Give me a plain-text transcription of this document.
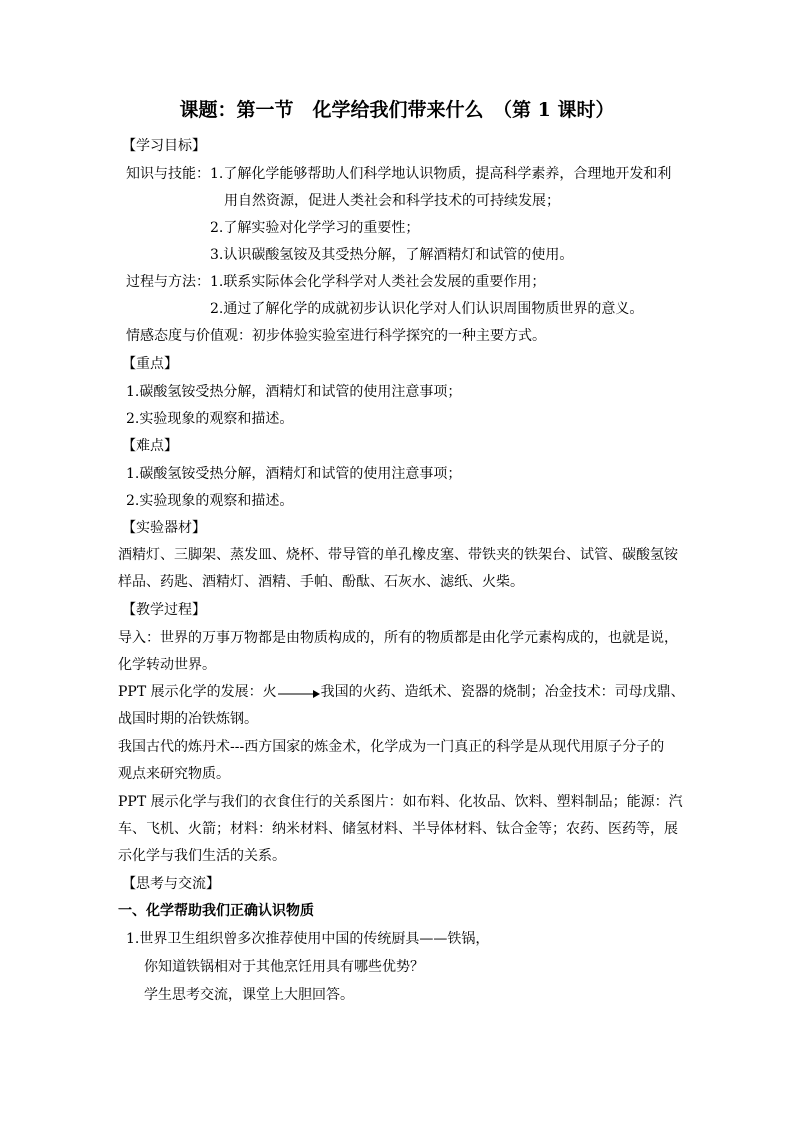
课题：第一节　化学给我们带来什么　（第 1 课时）
【学习目标】
知识与技能： 1.了解化学能够帮助人们科学地认识物质，提高科学素养，合理地开发和利
用自然资源，促进人类社会和科学技术的可持续发展；
2.了解实验对化学学习的重要性；
3.认识碳酸氢铵及其受热分解，了解酒精灯和试管的使用。
过程与方法： 1.联系实际体会化学科学对人类社会发展的重要作用；
2.通过了解化学的成就初步认识化学对人们认识周围物质世界的意义。
情感态度与价值观：初步体验实验室进行科学探究的一种主要方式。
【重点】
1.碳酸氢铵受热分解，酒精灯和试管的使用注意事项；
2.实验现象的观察和描述。
【难点】
1.碳酸氢铵受热分解，酒精灯和试管的使用注意事项；
2.实验现象的观察和描述。
【实验器材】
酒精灯、三脚架、蒸发皿、烧杯、带导管的单孔橡皮塞、带铁夹的铁架台、试管、碳酸氢铵
样品、药匙、酒精灯、酒精、手帕、酚酞、石灰水、滤纸、火柴。
【教学过程】
导入：世界的万事万物都是由物质构成的，所有的物质都是由化学元素构成的，也就是说，
化学转动世界。
PPT 展示化学的发展：火	我国的火药、造纸术、瓷器的烧制；冶金技术：司母戊鼎、
战国时期的冶铁炼钢。
我国古代的炼丹术---西方国家的炼金术，化学成为一门真正的科学是从现代用原子分子的
观点来研究物质。
PPT 展示化学与我们的衣食住行的关系图片：如布料、化妆品、饮料、塑料制品；能源：汽
车、飞机、火箭；材料：纳米材料、储氢材料、半导体材料、钛合金等；农药、医药等，展
示化学与我们生活的关系。
【思考与交流】
一、化学帮助我们正确认识物质
1.世界卫生组织曾多次推荐使用中国的传统厨具——铁锅，
你知道铁锅相对于其他烹饪用具有哪些优势？
学生思考交流，课堂上大胆回答。
